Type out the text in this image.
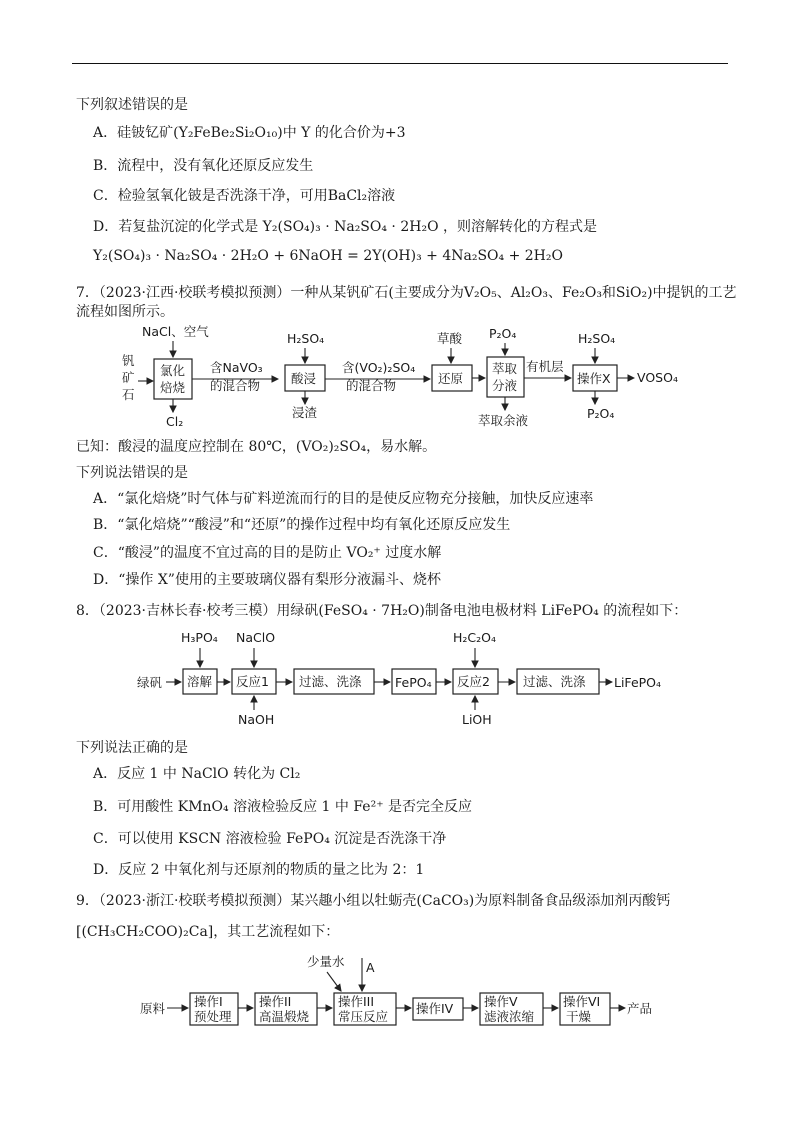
下列叙述错误的是
A．硅铍钇矿(Y₂FeBe₂Si₂O₁₀)中 Y 的化合价为+3
B．流程中，没有氧化还原反应发生
C．检验氢氧化铍是否洗涤干净，可用BaCl₂溶液
D．若复盐沉淀的化学式是 Y₂(SO₄)₃ · Na₂SO₄ · 2H₂O ，则溶解转化的方程式是
Y₂(SO₄)₃ · Na₂SO₄ · 2H₂O + 6NaOH = 2Y(OH)₃ + 4Na₂SO₄ + 2H₂O
7．（2023·江西·校联考模拟预测）一种从某钒矿石(主要成分为V₂O₅、Al₂O₃、Fe₂O₃和SiO₂)中提钒的工艺
流程如图所示。
已知：酸浸的温度应控制在 80℃，(VO₂)₂SO₄，易水解。
下列说法错误的是
A．“氯化焙烧”时气体与矿料逆流而行的目的是使反应物充分接触，加快反应速率
B．“氯化焙烧”“酸浸”和“还原”的操作过程中均有氧化还原反应发生
C．“酸浸”的温度不宜过高的目的是防止 VO₂⁺ 过度水解
D．“操作 X”使用的主要玻璃仪器有梨形分液漏斗、烧杯
8．（2023·吉林长春·校考三模）用绿矾(FeSO₄ · 7H₂O)制备电池电极材料 LiFePO₄ 的流程如下：
下列说法正确的是
A．反应 1 中 NaClO 转化为 Cl₂
B．可用酸性 KMnO₄ 溶液检验反应 1 中 Fe²⁺ 是否完全反应
C．可以使用 KSCN 溶液检验 FePO₄ 沉淀是否洗涤干净
D．反应 2 中氧化剂与还原剂的物质的量之比为 2：1
9．（2023·浙江·校联考模拟预测）某兴趣小组以牡蛎壳(CaCO₃)为原料制备食品级添加剂丙酸钙
[(CH₃CH₂COO)₂Ca]，其工艺流程如下：
钒
矿
石
NaCl、空气
氯化
焙烧
Cl₂
含NaVO₃
的混合物
H₂SO₄
酸浸
浸渣
含(VO₂)₂SO₄
的混合物
草酸
还原
P₂O₄
萃取
分液
萃取余液
有机层
H₂SO₄
操作X
P₂O₄
VOSO₄
绿矾
H₃PO₄
溶解
NaClO
反应1
NaOH
过滤、洗涤	FePO₄
H₂C₂O₄
反应2
LiOH
过滤、洗涤 LiFePO₄
原料 操作I
预处理
操作II
高温煅烧
少量水 A
操作III
常压反应
操作IV 操作V
滤液浓缩
操作VI
干燥
产品
